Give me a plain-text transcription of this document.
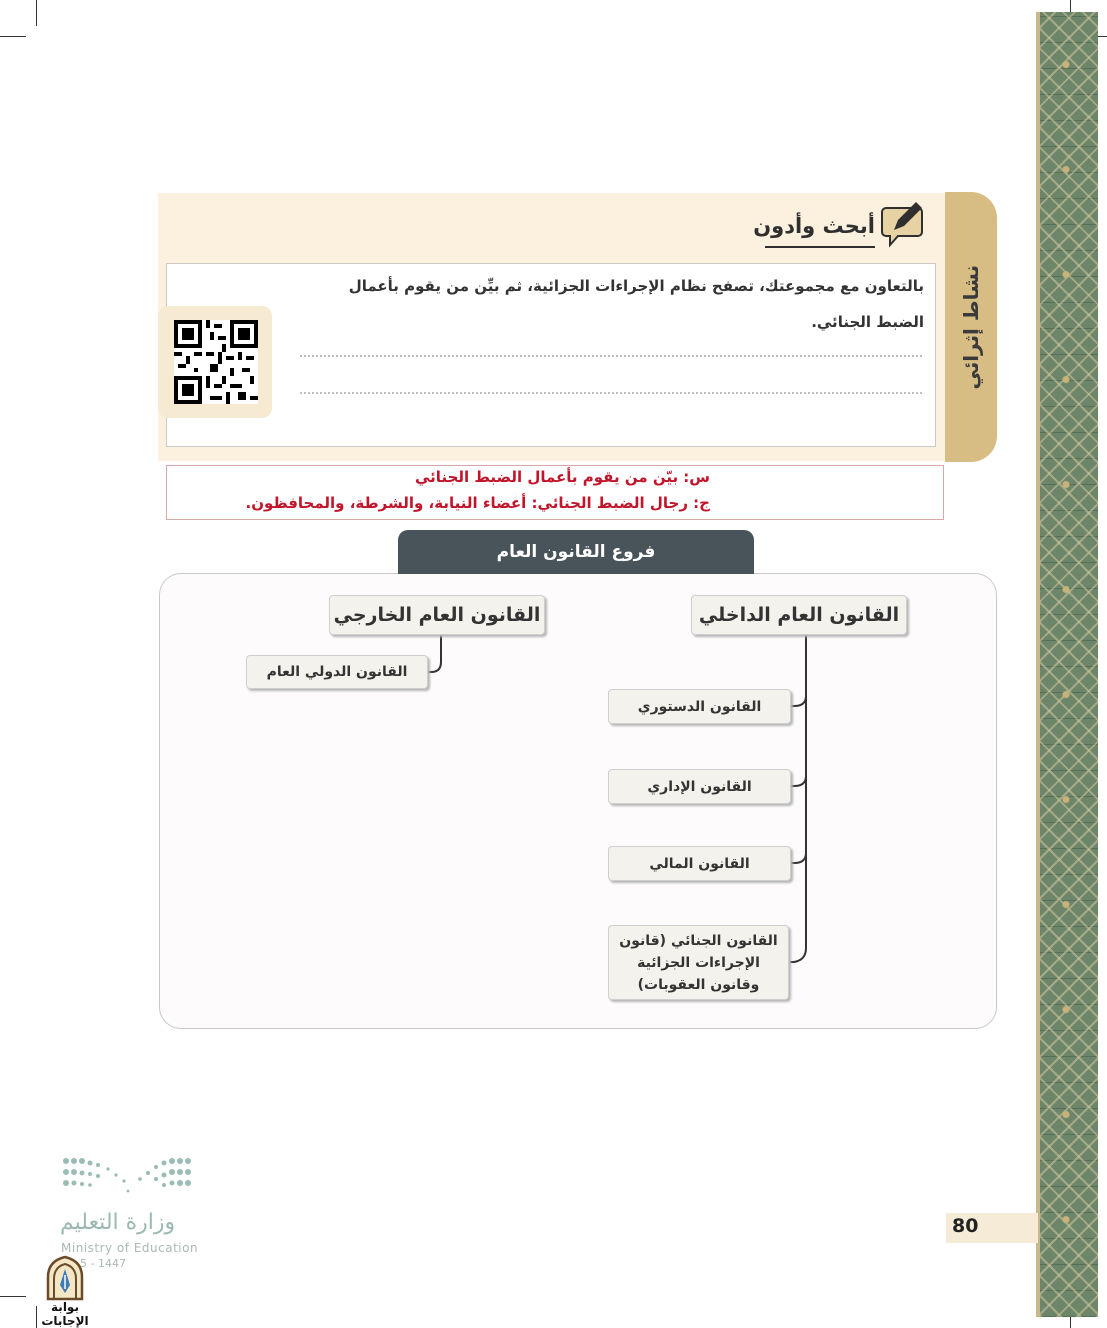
نشاط إثرائي
أبحث وأدون
بالتعاون مع مجموعتك، تصفح نظام الإجراءات الجزائية، ثم بيِّن من يقوم بأعمال الضبط الجنائي.
س: بيّن من يقوم بأعمال الضبط الجنائي
ج: رجال الضبط الجنائي: أعضاء النيابة، والشرطة، والمحافظون.
فروع القانون العام
القانون العام الداخلي
القانون العام الخارجي
القانون الدولي العام
القانون الدستوري
القانون الإداري
القانون المالي
القانون الجنائي (قانون الإجراءات الجزائية وقانون العقوبات)
80
وزارة التعليم
Ministry of Education
5 - 1447
بوابة الإجابات
